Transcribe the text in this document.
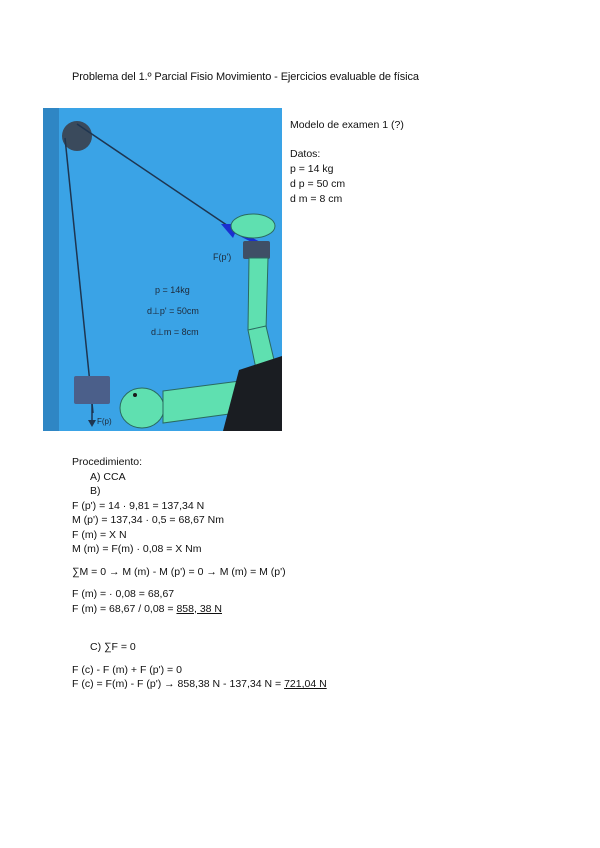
Problema del 1.º Parcial Fisio Movimiento - Ejercicios evaluable de física
F(p')
p = 14kg
d⊥p' = 50cm
d⊥m = 8cm
F(p)
Modelo de examen 1 (?)
Datos:
p = 14 kg
d p = 50 cm
d m = 8 cm
Procedimiento:
A) CCA
B)
F (p') = 14 · 9,81 = 137,34 N
M (p') = 137,34 · 0,5 = 68,67 Nm
F (m) = X N
M (m) = F(m) · 0,08 = X Nm
∑M = 0 → M (m) - M (p') = 0 → M (m) = M (p')
F (m) = · 0,08 = 68,67
F (m) = 68,67 / 0,08 = 858, 38 N
C) ∑F = 0
F (c) - F (m) + F (p') = 0
F (c) = F(m) - F (p') → 858,38 N - 137,34 N = 721,04 N
